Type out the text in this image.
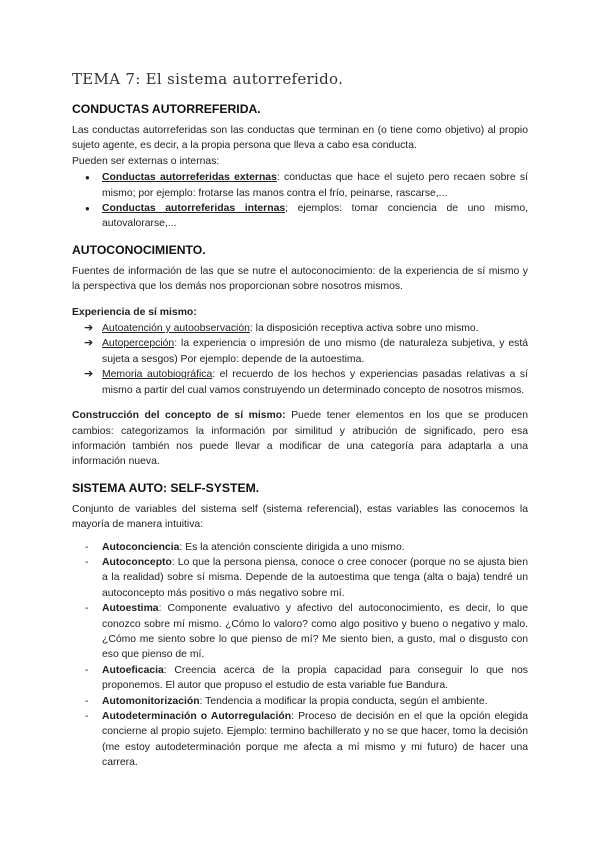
TEMA 7: El sistema autorreferido.
CONDUCTAS AUTORREFERIDA.

Las conductas autorreferidas son las conductas que terminan en (o tiene como objetivo) al propio sujeto agente, es decir, a la propia persona que lleva a cabo esa conducta.

Pueden ser externas o internas:

● Conductas autorreferidas externas: conductas que hace el sujeto pero recaen sobre sí mismo; por ejemplo: frotarse las manos contra el frío, peinarse, rascarse,...
● Conductas autorreferidas internas; ejemplos: tomar conciencia de uno mismo, autovalorarse,...
AUTOCONOCIMIENTO.

Fuentes de información de las que se nutre el autoconocimiento: de la experiencia de sí mismo y la perspectiva que los demás nos proporcionan sobre nosotros mismos.

Experiencia de sí mismo:

➔ Autoatención y autoobservación: la disposición receptiva activa sobre uno mismo.
➔ Autopercepción: la experiencia o impresión de uno mismo (de naturaleza subjetiva, y está sujeta a sesgos) Por ejemplo: depende de la autoestima.
➔ Memoria autobiográfica: el recuerdo de los hechos y experiencias pasadas relativas a sí mismo a partir del cual vamos construyendo un determinado concepto de nosotros mismos.

Construcción del concepto de sí mismo: Puede tener elementos en los que se producen cambios: categorizamos la información por similitud y atribución de significado, pero esa información también nos puede llevar a modificar de una categoría para adaptarla a una información nueva.

SISTEMA AUTO: SELF-SYSTEM.

Conjunto de variables del sistema self (sistema referencial), estas variables las conocemos la mayoría de manera intuitiva:

- Autoconciencia: Es la atención consciente dirigida a uno mismo.
- Autoconcepto: Lo que la persona piensa, conoce o cree conocer (porque no se ajusta bien a la realidad) sobre sí misma. Depende de la autoestima que tenga (alta o baja) tendré un autoconcepto más positivo o más negativo sobre mí.
- Autoestima: Componente evaluativo y afectivo del autoconocimiento, es decir, lo que conozco sobre mí mismo. ¿Cómo lo valoro? como algo positivo y bueno o negativo y malo. ¿Cómo me siento sobre lo que pienso de mí? Me siento bien, a gusto, mal o disgusto con eso que pienso de mí.
- Autoeficacia: Creencia acerca de la propia capacidad para conseguir lo que nos proponemos. El autor que propuso el estudio de esta variable fue Bandura.
- Automonitorización: Tendencia a modificar la propia conducta, según el ambiente.
- Autodeterminación o Autorregulación: Proceso de decisión en el que la opción elegida concierne al propio sujeto. Ejemplo: termino bachillerato y no se que hacer, tomo la decisión (me estoy autodeterminación porque me afecta a mí mismo y mi futuro) de hacer una carrera.
